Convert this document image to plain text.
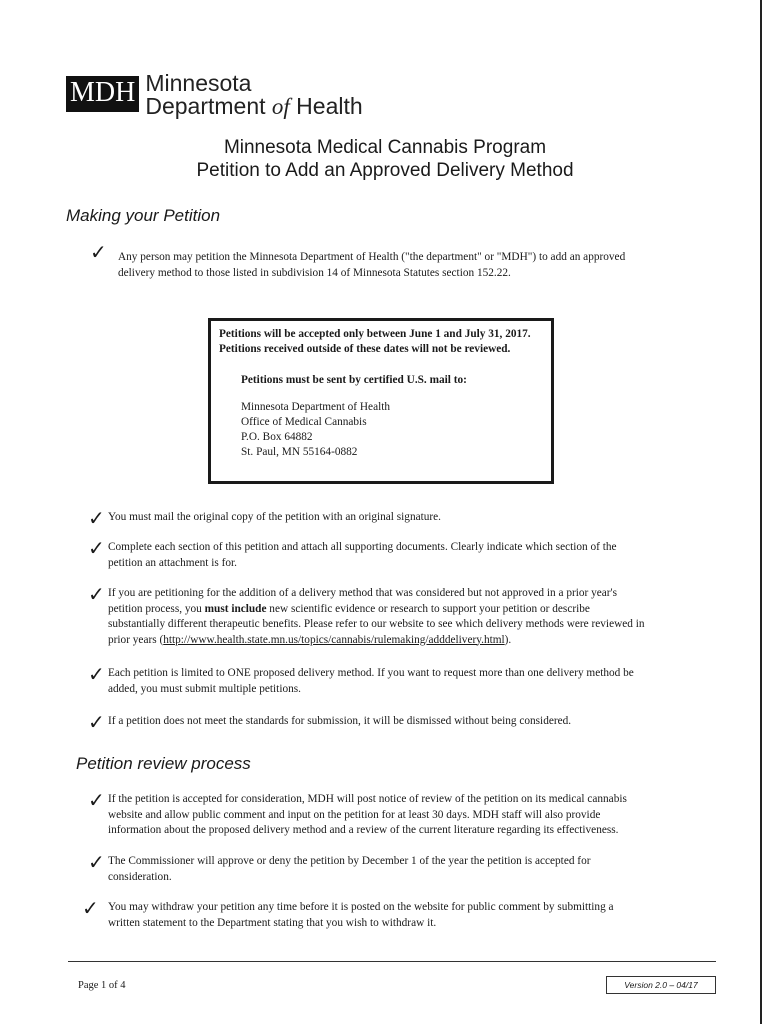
MDH Minnesota
Department of Health
Minnesota Medical Cannabis Program
Petition to Add an Approved Delivery Method
Making your Petition
✓ Any person may petition the Minnesota Department of Health ("the department" or "MDH") to add an approved
delivery method to those listed in subdivision 14 of Minnesota Statutes section 152.22.
Petitions will be accepted only between June 1 and July 31, 2017.
Petitions received outside of these dates will not be reviewed.
Petitions must be sent by certified U.S. mail to:
Minnesota Department of Health
Office of Medical Cannabis
P.O. Box 64882
St. Paul, MN 55164-0882
✓ You must mail the original copy of the petition with an original signature.
✓ Complete each section of this petition and attach all supporting documents. Clearly indicate which section of the
petition an attachment is for.
✓ If you are petitioning for the addition of a delivery method that was considered but not approved in a prior year's
petition process, you must include new scientific evidence or research to support your petition or describe
substantially different therapeutic benefits. Please refer to our website to see which delivery methods were reviewed in
prior years (http://www.health.state.mn.us/topics/cannabis/rulemaking/adddelivery.html).
✓ Each petition is limited to ONE proposed delivery method. If you want to request more than one delivery method be
added, you must submit multiple petitions.
✓ If a petition does not meet the standards for submission, it will be dismissed without being considered.
Petition review process
✓ If the petition is accepted for consideration, MDH will post notice of review of the petition on its medical cannabis
website and allow public comment and input on the petition for at least 30 days. MDH staff will also provide
information about the proposed delivery method and a review of the current literature regarding its effectiveness.
✓ The Commissioner will approve or deny the petition by December 1 of the year the petition is accepted for
consideration.
✓ You may withdraw your petition any time before it is posted on the website for public comment by submitting a
written statement to the Department stating that you wish to withdraw it.
Page 1 of 4	Version 2.0 – 04/17
